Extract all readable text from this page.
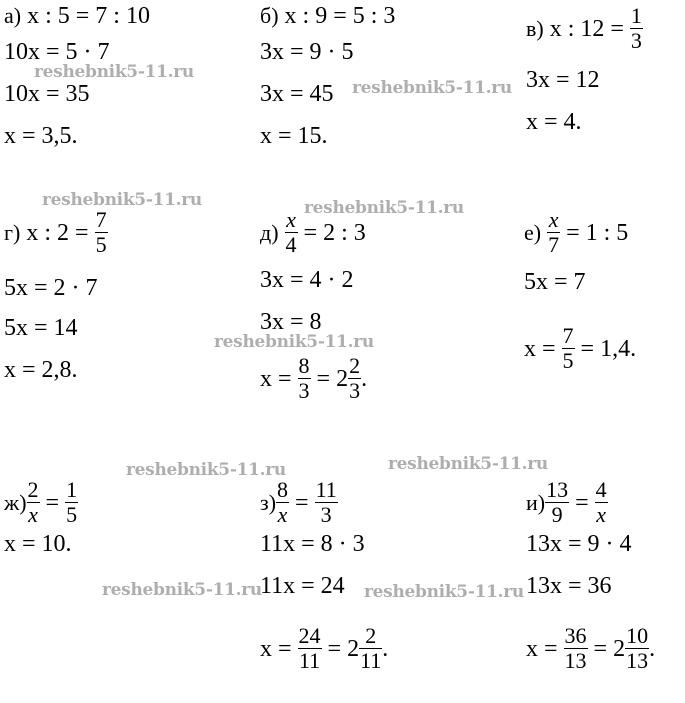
а) x : 5 = 7 : 10
10x = 5 · 7
10x = 35
x = 3,5.
б) x : 9 = 5 : 3
3x = 9 · 5
3x = 45
x = 15.
в) x : $12 = \frac{1}{3}$
3x = 12
x = 4.
г) x : $2 = \frac{7}{5}$
5x = 2 · 7
5x = 14
x = 2,8.
$д) \frac{x}{4} = 2$ : 3
3x = 4 · 2
3x = 8
$x = \frac{8}{3} = 2 \frac{2}{3}$ .
$е) \frac{x}{7} = 1$ : 5
5x = 7
$x = \frac{7}{5} = 1,4$.
$ж) \frac{2}{x} = \frac{1}{5}$
x = 10.
$з) \frac{8}{x} = \frac{11}{3}$
11x = 8 · 3
11x = 24
$x = \frac{24}{11} = 2 \frac{2}{11}$ .
$и) \frac{13}{9} = \frac{4}{x}$
13x = 9 · 4
13x = 36
$x = \frac{36}{13} = 2 \frac{10}{13}$ .
reshebnik5-11.ru
reshebnik5-11.ru
reshebnik5-11.ru	reshebnik5-11.ru
reshebnik5-11.ru
reshebnik5-11.ru	reshebnik5-11.ru
reshebnik5-11.ru	reshebnik5-11.ru
